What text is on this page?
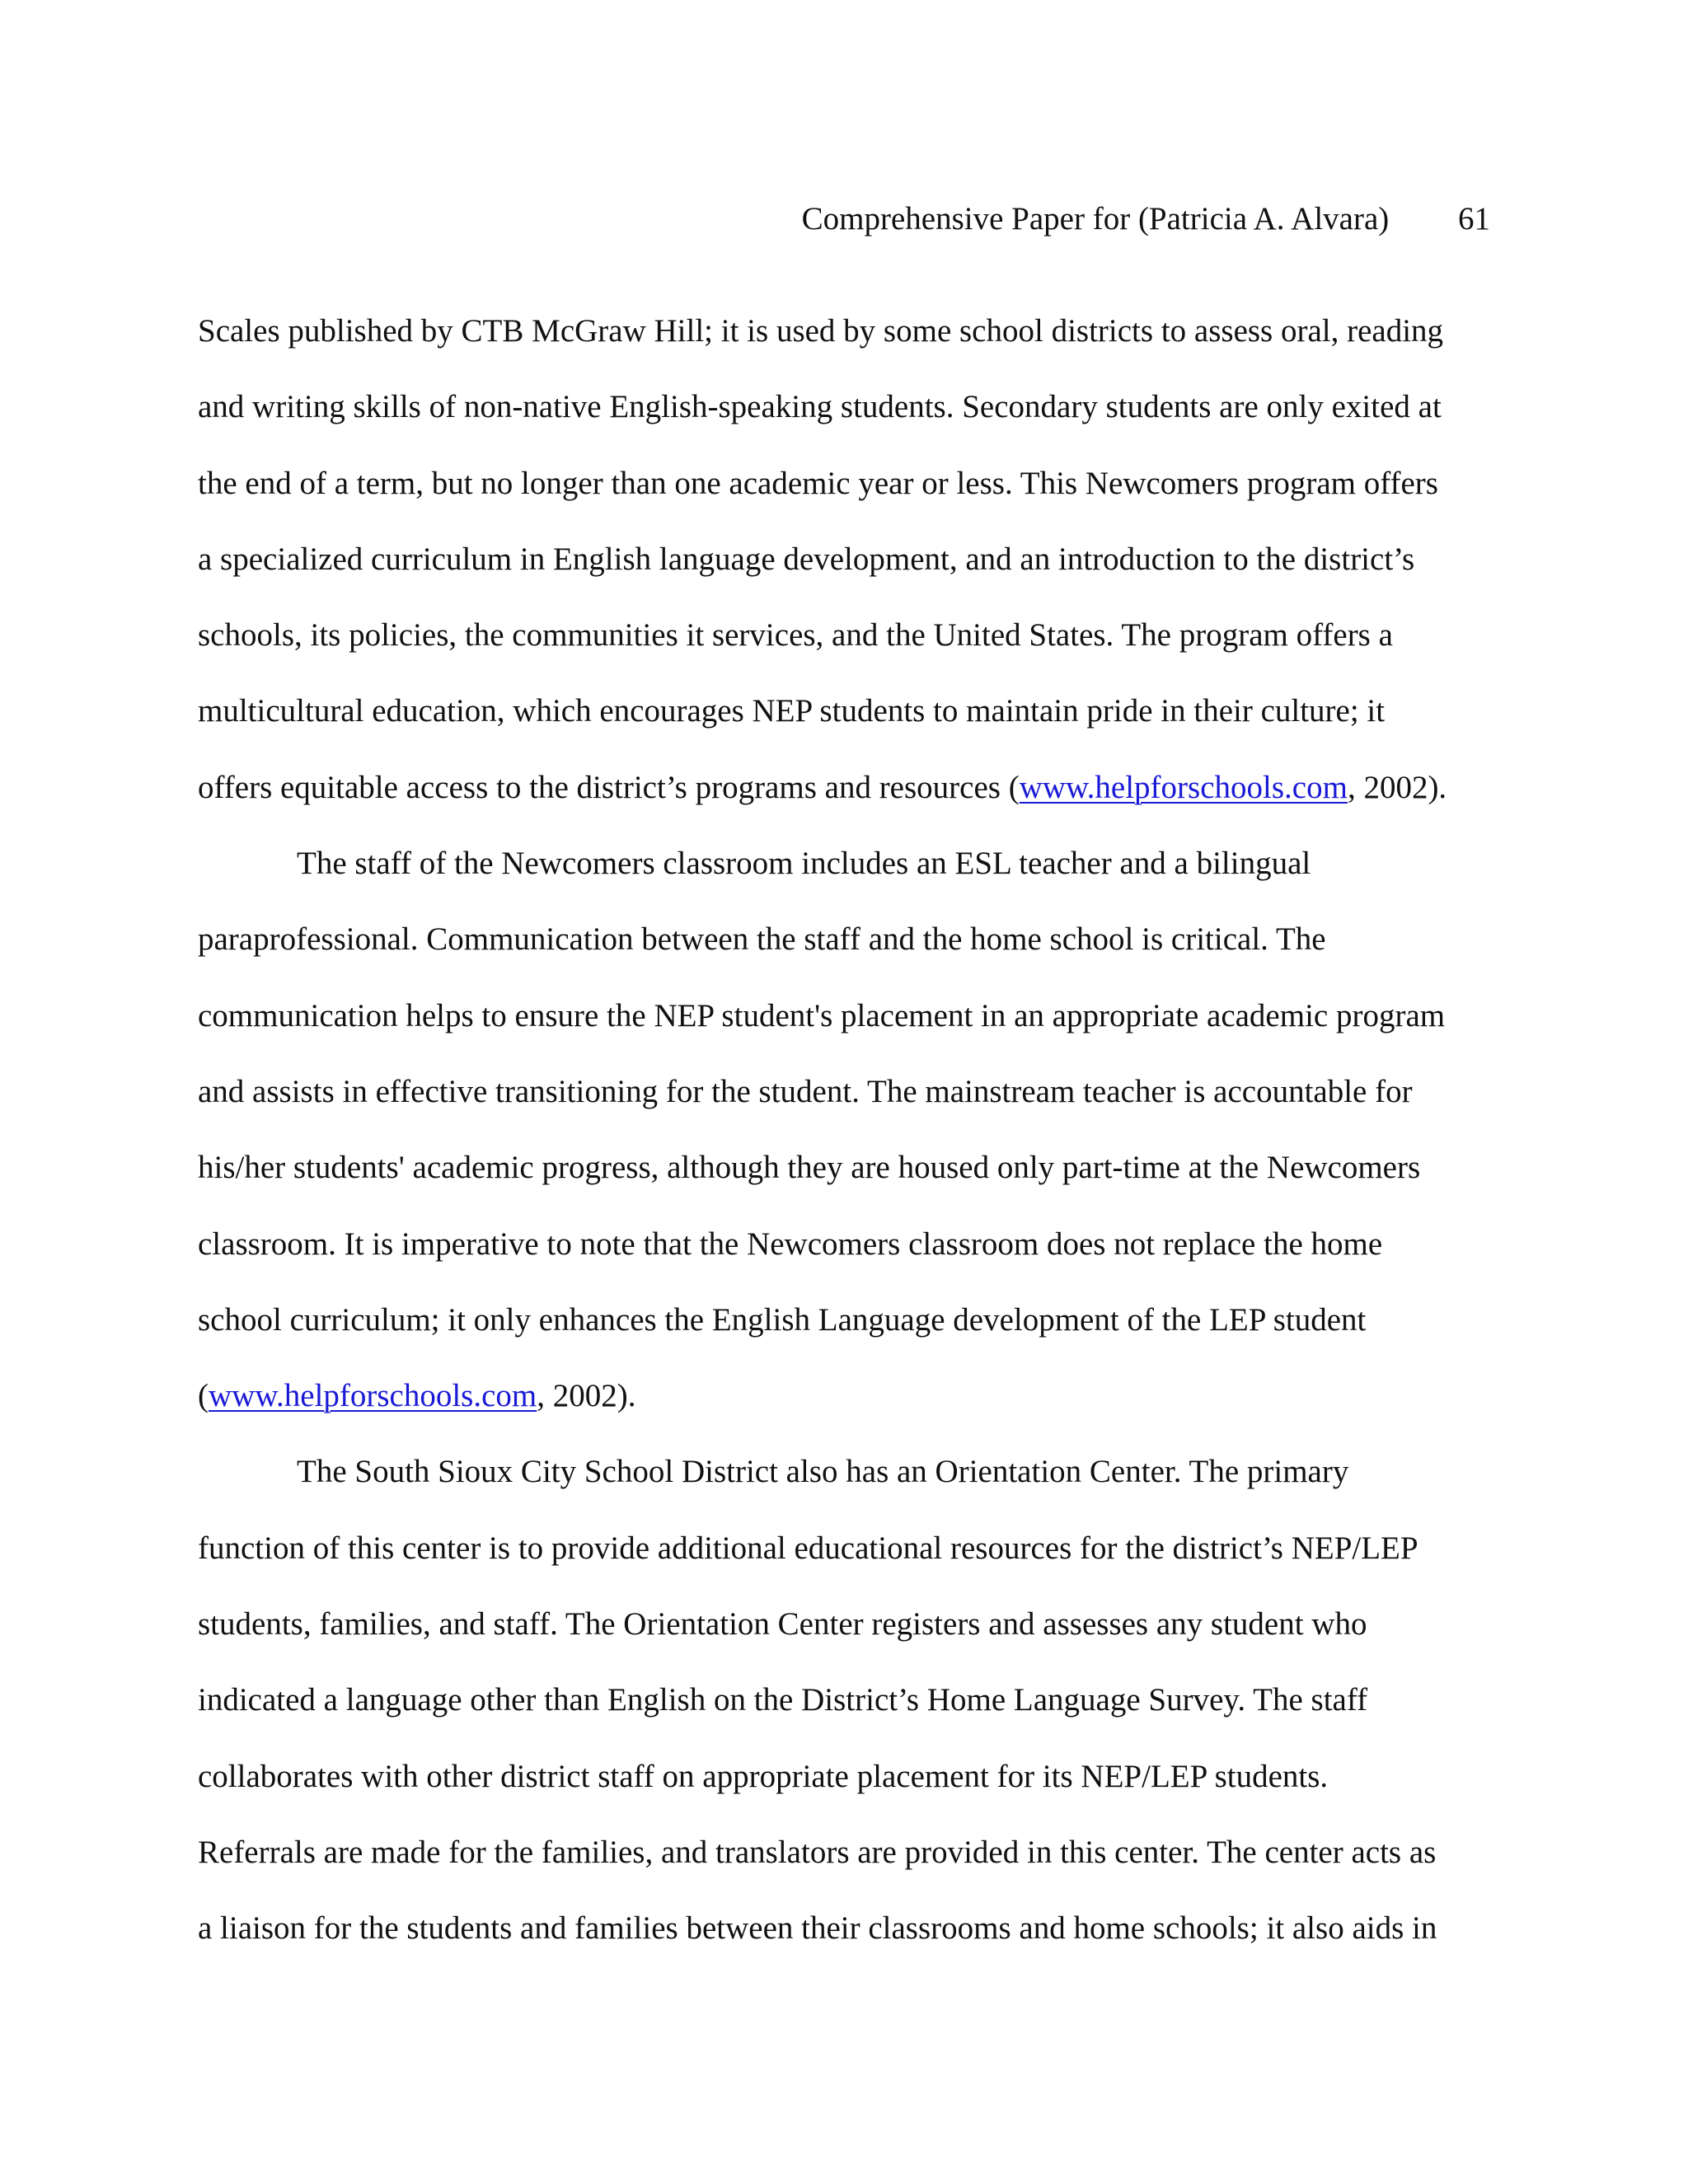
Comprehensive Paper for (Patricia A. Alvara) 61
Scales published by CTB McGraw Hill; it is used by some school districts to assess oral, reading
and writing skills of non-native English-speaking students. Secondary students are only exited at
the end of a term, but no longer than one academic year or less. This Newcomers program offers
a specialized curriculum in English language development, and an introduction to the district’s
schools, its policies, the communities it services, and the United States. The program offers a
multicultural education, which encourages NEP students to maintain pride in their culture; it
offers equitable access to the district’s programs and resources (www.helpforschools.com, 2002).
The staff of the Newcomers classroom includes an ESL teacher and a bilingual
paraprofessional. Communication between the staff and the home school is critical. The
communication helps to ensure the NEP student's placement in an appropriate academic program
and assists in effective transitioning for the student. The mainstream teacher is accountable for
his/her students' academic progress, although they are housed only part-time at the Newcomers
classroom. It is imperative to note that the Newcomers classroom does not replace the home
school curriculum; it only enhances the English Language development of the LEP student
(www.helpforschools.com, 2002).
The South Sioux City School District also has an Orientation Center. The primary
function of this center is to provide additional educational resources for the district’s NEP/LEP
students, families, and staff. The Orientation Center registers and assesses any student who
indicated a language other than English on the District’s Home Language Survey. The staff
collaborates with other district staff on appropriate placement for its NEP/LEP students.
Referrals are made for the families, and translators are provided in this center. The center acts as
a liaison for the students and families between their classrooms and home schools; it also aids in
